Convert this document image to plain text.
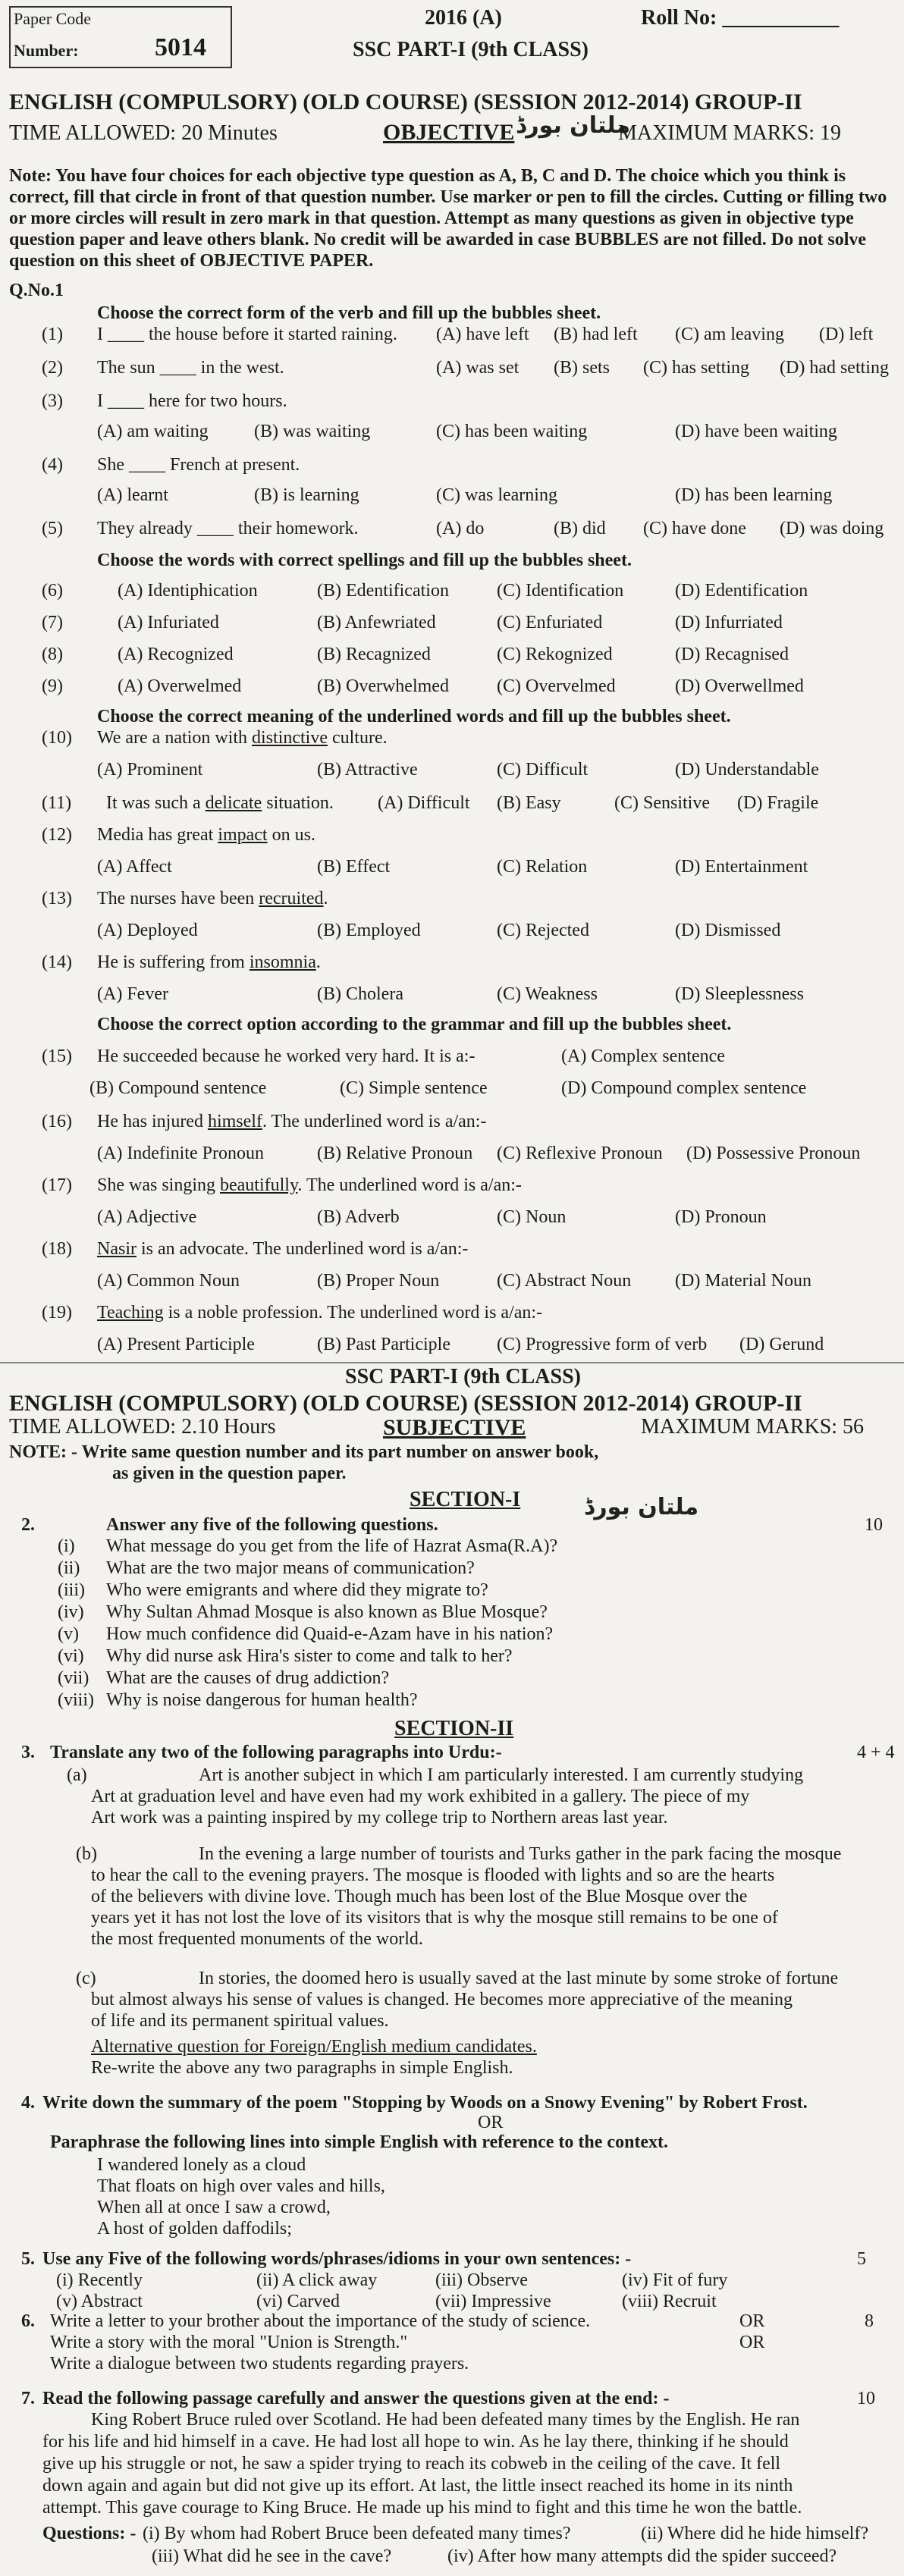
Paper Code
Number:	5014
2016 (A)	Roll No: ___________
SSC PART-I (9th CLASS)
ENGLISH (COMPULSORY) (OLD COURSE) (SESSION 2012-2014) GROUP-II
TIME ALLOWED: 20 Minutes	OBJECTIVE ملتان بورڈ
MAXIMUM MARKS: 19
Note: You have four choices for each objective type question as A, B, C and D. The choice which you think is correct, fill that circle in front of that question number. Use marker or pen to fill the circles. Cutting or filling two or more circles will result in zero mark in that question. Attempt as many questions as given in objective type question paper and leave others blank. No credit will be awarded in case BUBBLES are not filled. Do not solve question on this sheet of OBJECTIVE PAPER.
Q.No.1
Choose the correct form of the verb and fill up the bubbles sheet.
(1) I ____ the house before it started raining. (A) have left (B) had left (C) am leaving (D) left
(2) The sun ____ in the west.	(A) was set (B) sets (C) has setting (D) had setting
(3) I ____ here for two hours.
(A) am waiting	(B) was waiting	(C) has been waiting	(D) have been waiting
(4) She ____ French at present.
(A) learnt	(B) is learning	(C) was learning	(D) has been learning
(5) They already ____ their homework.	(A) do	(B) did (C) have done (D) was doing
Choose the words with correct spellings and fill up the bubbles sheet.
(6)	(A) Identiphication	(B) Edentification	(C) Identification	(D) Edentification
(7)	(A) Infuriated	(B) Anfewriated	(C) Enfuriated	(D) Infurriated
(8)	(A) Recognized	(B) Recagnized	(C) Rekognized	(D) Recagnised
(9)	(A) Overwelmed	(B) Overwhelmed	(C) Overvelmed	(D) Overwellmed
Choose the correct meaning of the underlined words and fill up the bubbles sheet.
(10) We are a nation with distinctive culture.
(A) Prominent	(B) Attractive	(C) Difficult	(D) Understandable
(11) It was such a delicate situation. (A) Difficult (B) Easy	(C) Sensitive (D) Fragile
(12) Media has great impact on us.
(A) Affect	(B) Effect	(C) Relation	(D) Entertainment
(13) The nurses have been recruited.
(A) Deployed	(B) Employed	(C) Rejected	(D) Dismissed
(14) He is suffering from insomnia.
(A) Fever	(B) Cholera	(C) Weakness	(D) Sleeplessness
Choose the correct option according to the grammar and fill up the bubbles sheet.
(15) He succeeded because he worked very hard. It is a:-	(A) Complex sentence
(B) Compound sentence	(C) Simple sentence	(D) Compound complex sentence
(16) He has injured himself. The underlined word is a/an:-
(A) Indefinite Pronoun	(B) Relative Pronoun (C) Reflexive Pronoun (D) Possessive Pronoun
(17) She was singing beautifully. The underlined word is a/an:-
(A) Adjective	(B) Adverb	(C) Noun	(D) Pronoun
(18) Nasir is an advocate. The underlined word is a/an:-
(A) Common Noun	(B) Proper Noun	(C) Abstract Noun (D) Material Noun
(19) Teaching is a noble profession. The underlined word is a/an:-
(A) Present Participle	(B) Past Participle	(C) Progressive form of verb (D) Gerund
SSC PART-I (9th CLASS)
ENGLISH (COMPULSORY) (OLD COURSE) (SESSION 2012-2014) GROUP-II
TIME ALLOWED: 2.10 Hours	SUBJECTIVE	MAXIMUM MARKS: 56
NOTE: - Write same question number and its part number on answer book,
as given in the question paper.
SECTION-I	ملتان بورڈ
2.	Answer any five of the following questions.	10
(i) What message do you get from the life of Hazrat Asma(R.A)?
(ii) What are the two major means of communication?
(iii) Who were emigrants and where did they migrate to?
(iv) Why Sultan Ahmad Mosque is also known as Blue Mosque?
(v) How much confidence did Quaid-e-Azam have in his nation?
(vi) Why did nurse ask Hira's sister to come and talk to her?
(vii) What are the causes of drug addiction?
(viii) Why is noise dangerous for human health?
SECTION-II
3. Translate any two of the following paragraphs into Urdu:-	4 + 4
(a)	Art is another subject in which I am particularly interested. I am currently studying
Art at graduation level and have even had my work exhibited in a gallery. The piece of my
Art work was a painting inspired by my college trip to Northern areas last year.
(b)	In the evening a large number of tourists and Turks gather in the park facing the mosque
to hear the call to the evening prayers. The mosque is flooded with lights and so are the hearts
of the believers with divine love. Though much has been lost of the Blue Mosque over the
years yet it has not lost the love of its visitors that is why the mosque still remains to be one of
the most frequented monuments of the world.
(c)	In stories, the doomed hero is usually saved at the last minute by some stroke of fortune
but almost always his sense of values is changed. He becomes more appreciative of the meaning
of life and its permanent spiritual values.
Alternative question for Foreign/English medium candidates.
Re-write the above any two paragraphs in simple English.
4. Write down the summary of the poem "Stopping by Woods on a Snowy Evening" by Robert Frost.
OR
Paraphrase the following lines into simple English with reference to the context.
I wandered lonely as a cloud
That floats on high over vales and hills,
When all at once I saw a crowd,
A host of golden daffodils;
5. Use any Five of the following words/phrases/idioms in your own sentences: -	5
(i) Recently	(ii) A click away	(iii) Observe	(iv) Fit of fury
(v) Abstract	(vi) Carved	(vii) Impressive	(viii) Recruit
6. Write a letter to your brother about the importance of the study of science.	OR	8
Write a story with the moral "Union is Strength."	OR
Write a dialogue between two students regarding prayers.
7. Read the following passage carefully and answer the questions given at the end: -	10
King Robert Bruce ruled over Scotland. He had been defeated many times by the English. He ran
for his life and hid himself in a cave. He had lost all hope to win. As he lay there, thinking if he should
give up his struggle or not, he saw a spider trying to reach its cobweb in the ceiling of the cave. It fell
down again and again but did not give up its effort. At last, the little insect reached its home in its ninth
attempt. This gave courage to King Bruce. He made up his mind to fight and this time he won the battle.
Questions: - (i) By whom had Robert Bruce been defeated many times?	(ii) Where did he hide himself?
(iii) What did he see in the cave?	(iv) After how many attempts did the spider succeed?
